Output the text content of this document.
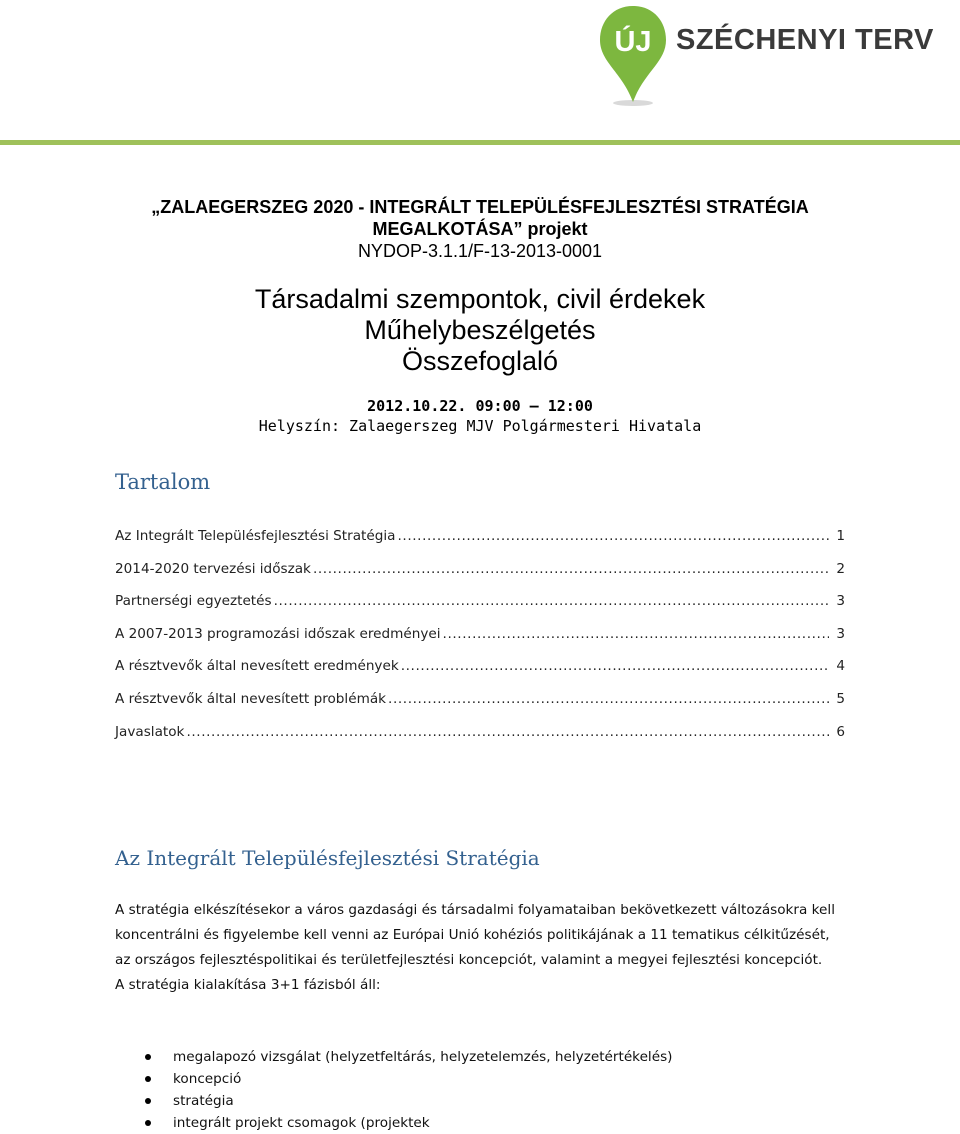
ÚJ SZÉCHENYI TERV
„ZALAEGERSZEG 2020 - INTEGRÁLT TELEPÜLÉSFEJLESZTÉSI STRATÉGIA
MEGALKOTÁSA” projekt
NYDOP-3.1.1/F-13-2013-0001
Társadalmi szempontok, civil érdekek
Műhelybeszélgetés
Összefoglaló
2012.10.22. 09:00 – 12:00
Helyszín: Zalaegerszeg MJV Polgármesteri Hivatala
Tartalom
Az Integrált Településfejlesztési Stratégia .....	1
2014-2020 tervezési időszak .....	2
Partnerségi egyeztetés .....	3
A 2007-2013 programozási időszak eredményei .....	3
A résztvevők által nevesített eredmények .....	4
A résztvevők által nevesített problémák .....	5
Javaslatok .....	6
Az Integrált Településfejlesztési Stratégia

A stratégia elkészítésekor a város gazdasági és társadalmi folyamataiban bekövetkezett változásokra kell koncentrálni és figyelembe kell venni az Európai Unió kohéziós politikájának a 11 tematikus célkitűzését, az országos fejlesztéspolitikai és területfejlesztési koncepciót, valamint a megyei fejlesztési koncepciót.

A stratégia kialakítása 3+1 fázisból áll:

megalapozó vizsgálat (helyzetfeltárás, helyzetelemzés, helyzetértékelés)
koncepció
stratégia
integrált projekt csomagok (projektek
